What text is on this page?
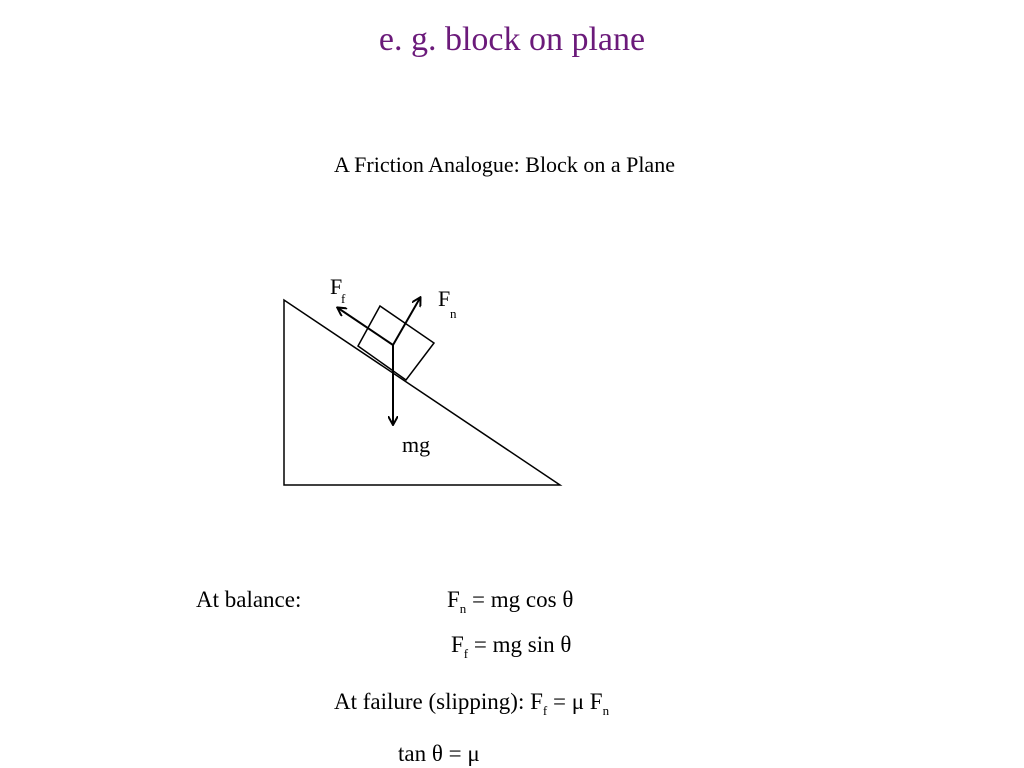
e. g. block on plane
A Friction Analogue: Block on a Plane
F
f	F
n
mg
At balance:	$F_n$ = mg cos θ
$F_f$ = mg sin θ
At failure (slipping): $F_f = \mu$ $F_n$
tan θ = μ
